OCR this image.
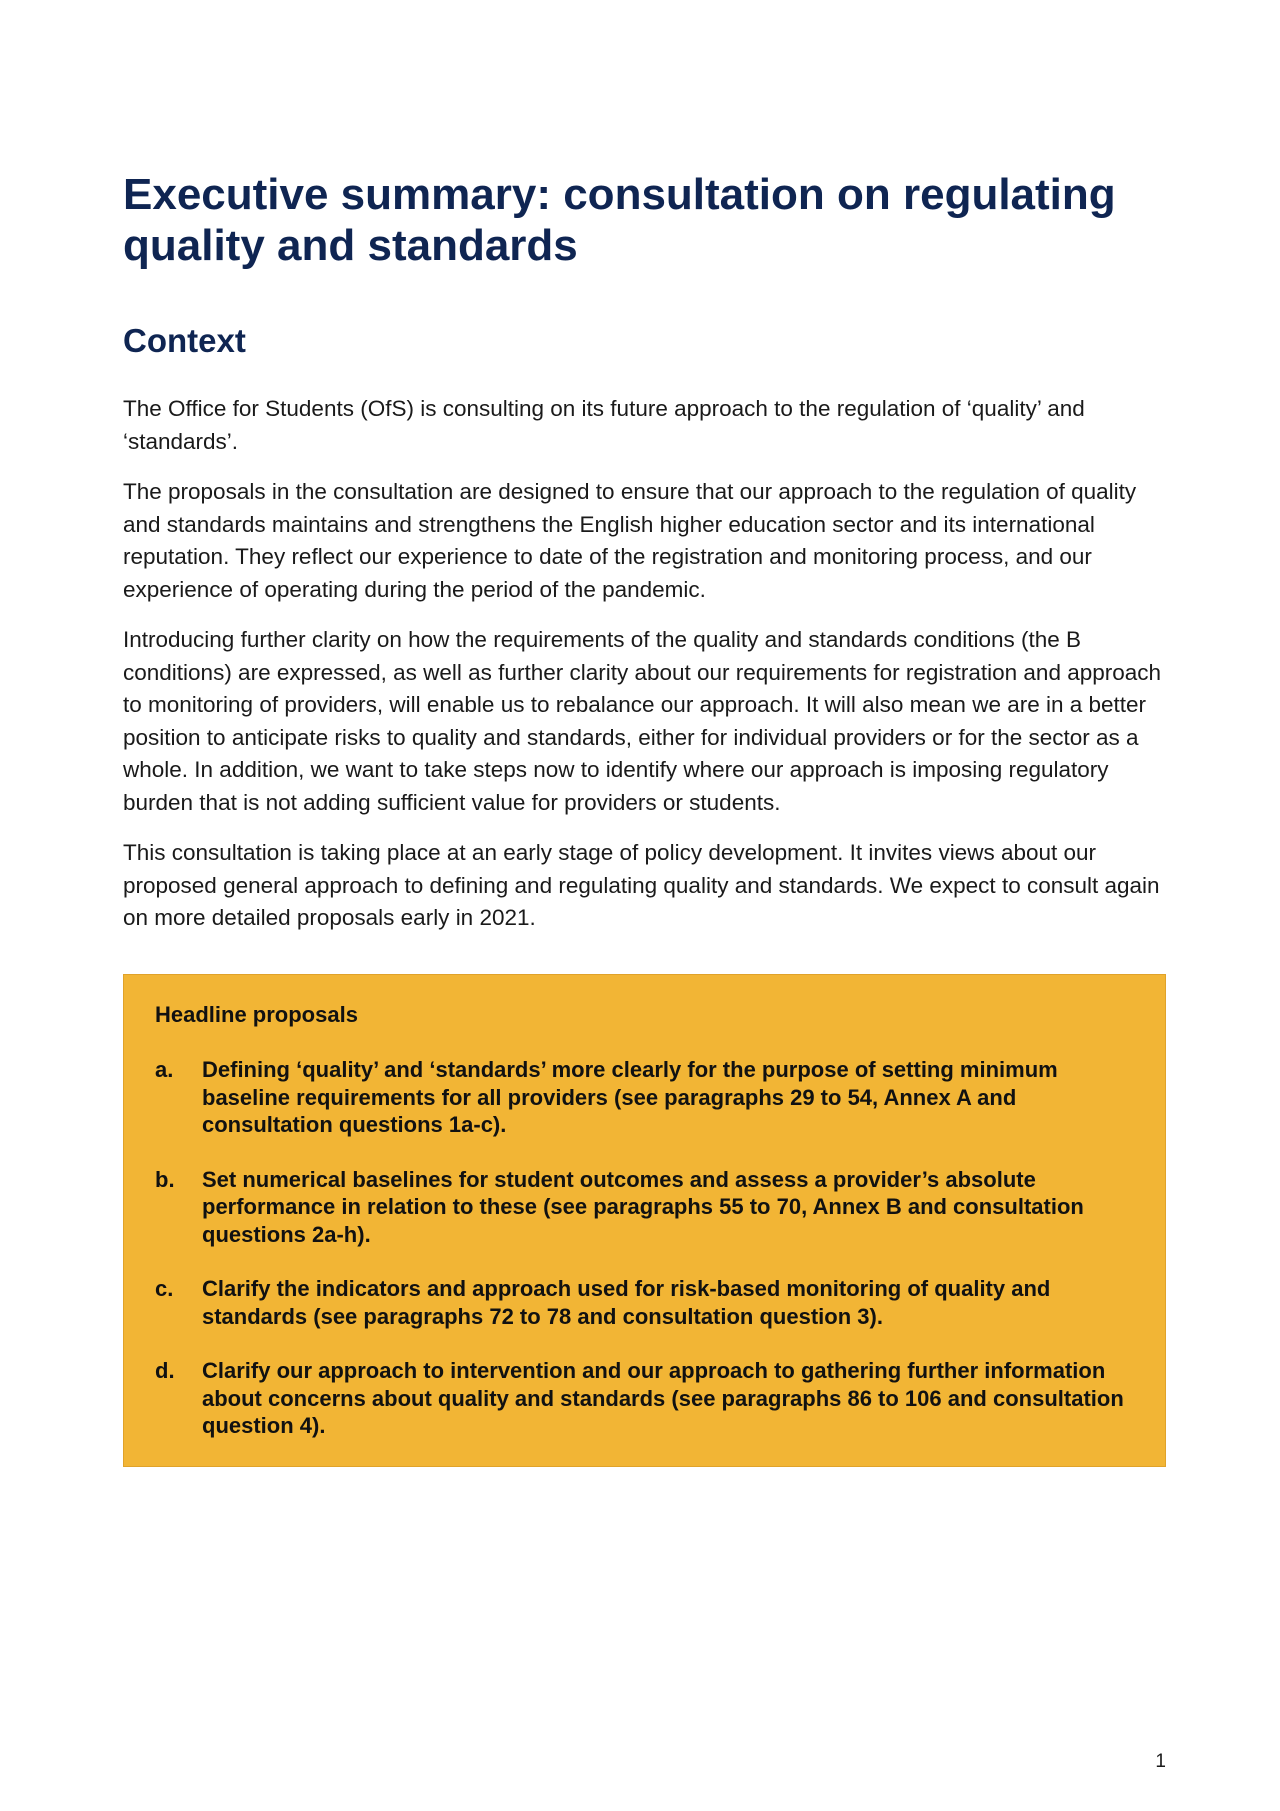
Executive summary: consultation on regulating quality and standards
Context

The Office for Students (OfS) is consulting on its future approach to the regulation of ‘quality’ and ‘standards’.

The proposals in the consultation are designed to ensure that our approach to the regulation of quality and standards maintains and strengthens the English higher education sector and its international reputation. They reflect our experience to date of the registration and monitoring process, and our experience of operating during the period of the pandemic.

Introducing further clarity on how the requirements of the quality and standards conditions (the B conditions) are expressed, as well as further clarity about our requirements for registration and approach to monitoring of providers, will enable us to rebalance our approach. It will also mean we are in a better position to anticipate risks to quality and standards, either for individual providers or for the sector as a whole. In addition, we want to take steps now to identify where our approach is imposing regulatory burden that is not adding sufficient value for providers or students.

This consultation is taking place at an early stage of policy development. It invites views about our proposed general approach to defining and regulating quality and standards. We expect to consult again on more detailed proposals early in 2021.

Headline proposals
a.	Defining ‘quality’ and ‘standards’ more clearly for the purpose of setting minimum baseline requirements for all providers (see paragraphs 29 to 54, Annex A and consultation questions 1a-c).
b.	Set numerical baselines for student outcomes and assess a provider’s absolute performance in relation to these (see paragraphs 55 to 70, Annex B and consultation questions 2a-h).
c.	Clarify the indicators and approach used for risk-based monitoring of quality and standards (see paragraphs 72 to 78 and consultation question 3).
d.	Clarify our approach to intervention and our approach to gathering further information about concerns about quality and standards (see paragraphs 86 to 106 and consultation question 4).
1
